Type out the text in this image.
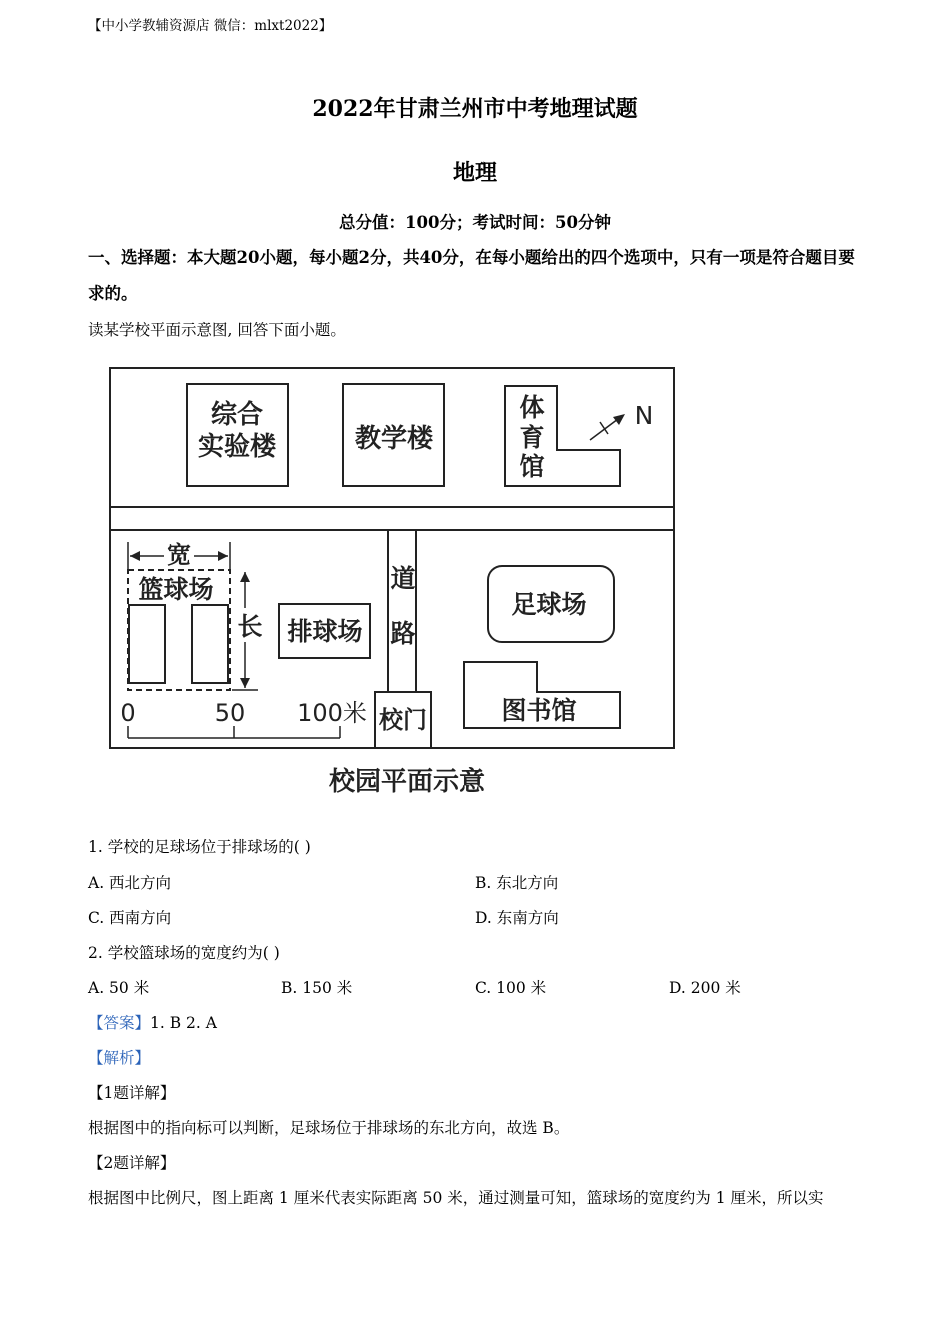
【中小学教辅资源店 微信：mlxt2022】
2022年甘肃兰州市中考地理试题
地理
总分值：100分；考试时间：50分钟
一、选择题：本大题20小题，每小题2分，共40分，在每小题给出的四个选项中，只有一项是符合题目要求的。
读某学校平面示意图, 回答下面小题。
综合
实验楼	教学楼
体
育
馆
N
宽
篮球场
长 排球场
道
路
足球场
图书馆
校门
0	50 100米
校园平面示意
1. 学校的足球场位于排球场的( )
A. 西北方向	B. 东北方向
C. 西南方向	D. 东南方向
2. 学校篮球场的宽度约为( )
A. 50 米	B. 150 米	C. 100 米	D. 200 米
【答案】1. B 2. A
【解析】
【1题详解】
根据图中的指向标可以判断，足球场位于排球场的东北方向，故选 B。
【2题详解】
根据图中比例尺，图上距离 1 厘米代表实际距离 50 米，通过测量可知，篮球场的宽度约为 1 厘米，所以实
